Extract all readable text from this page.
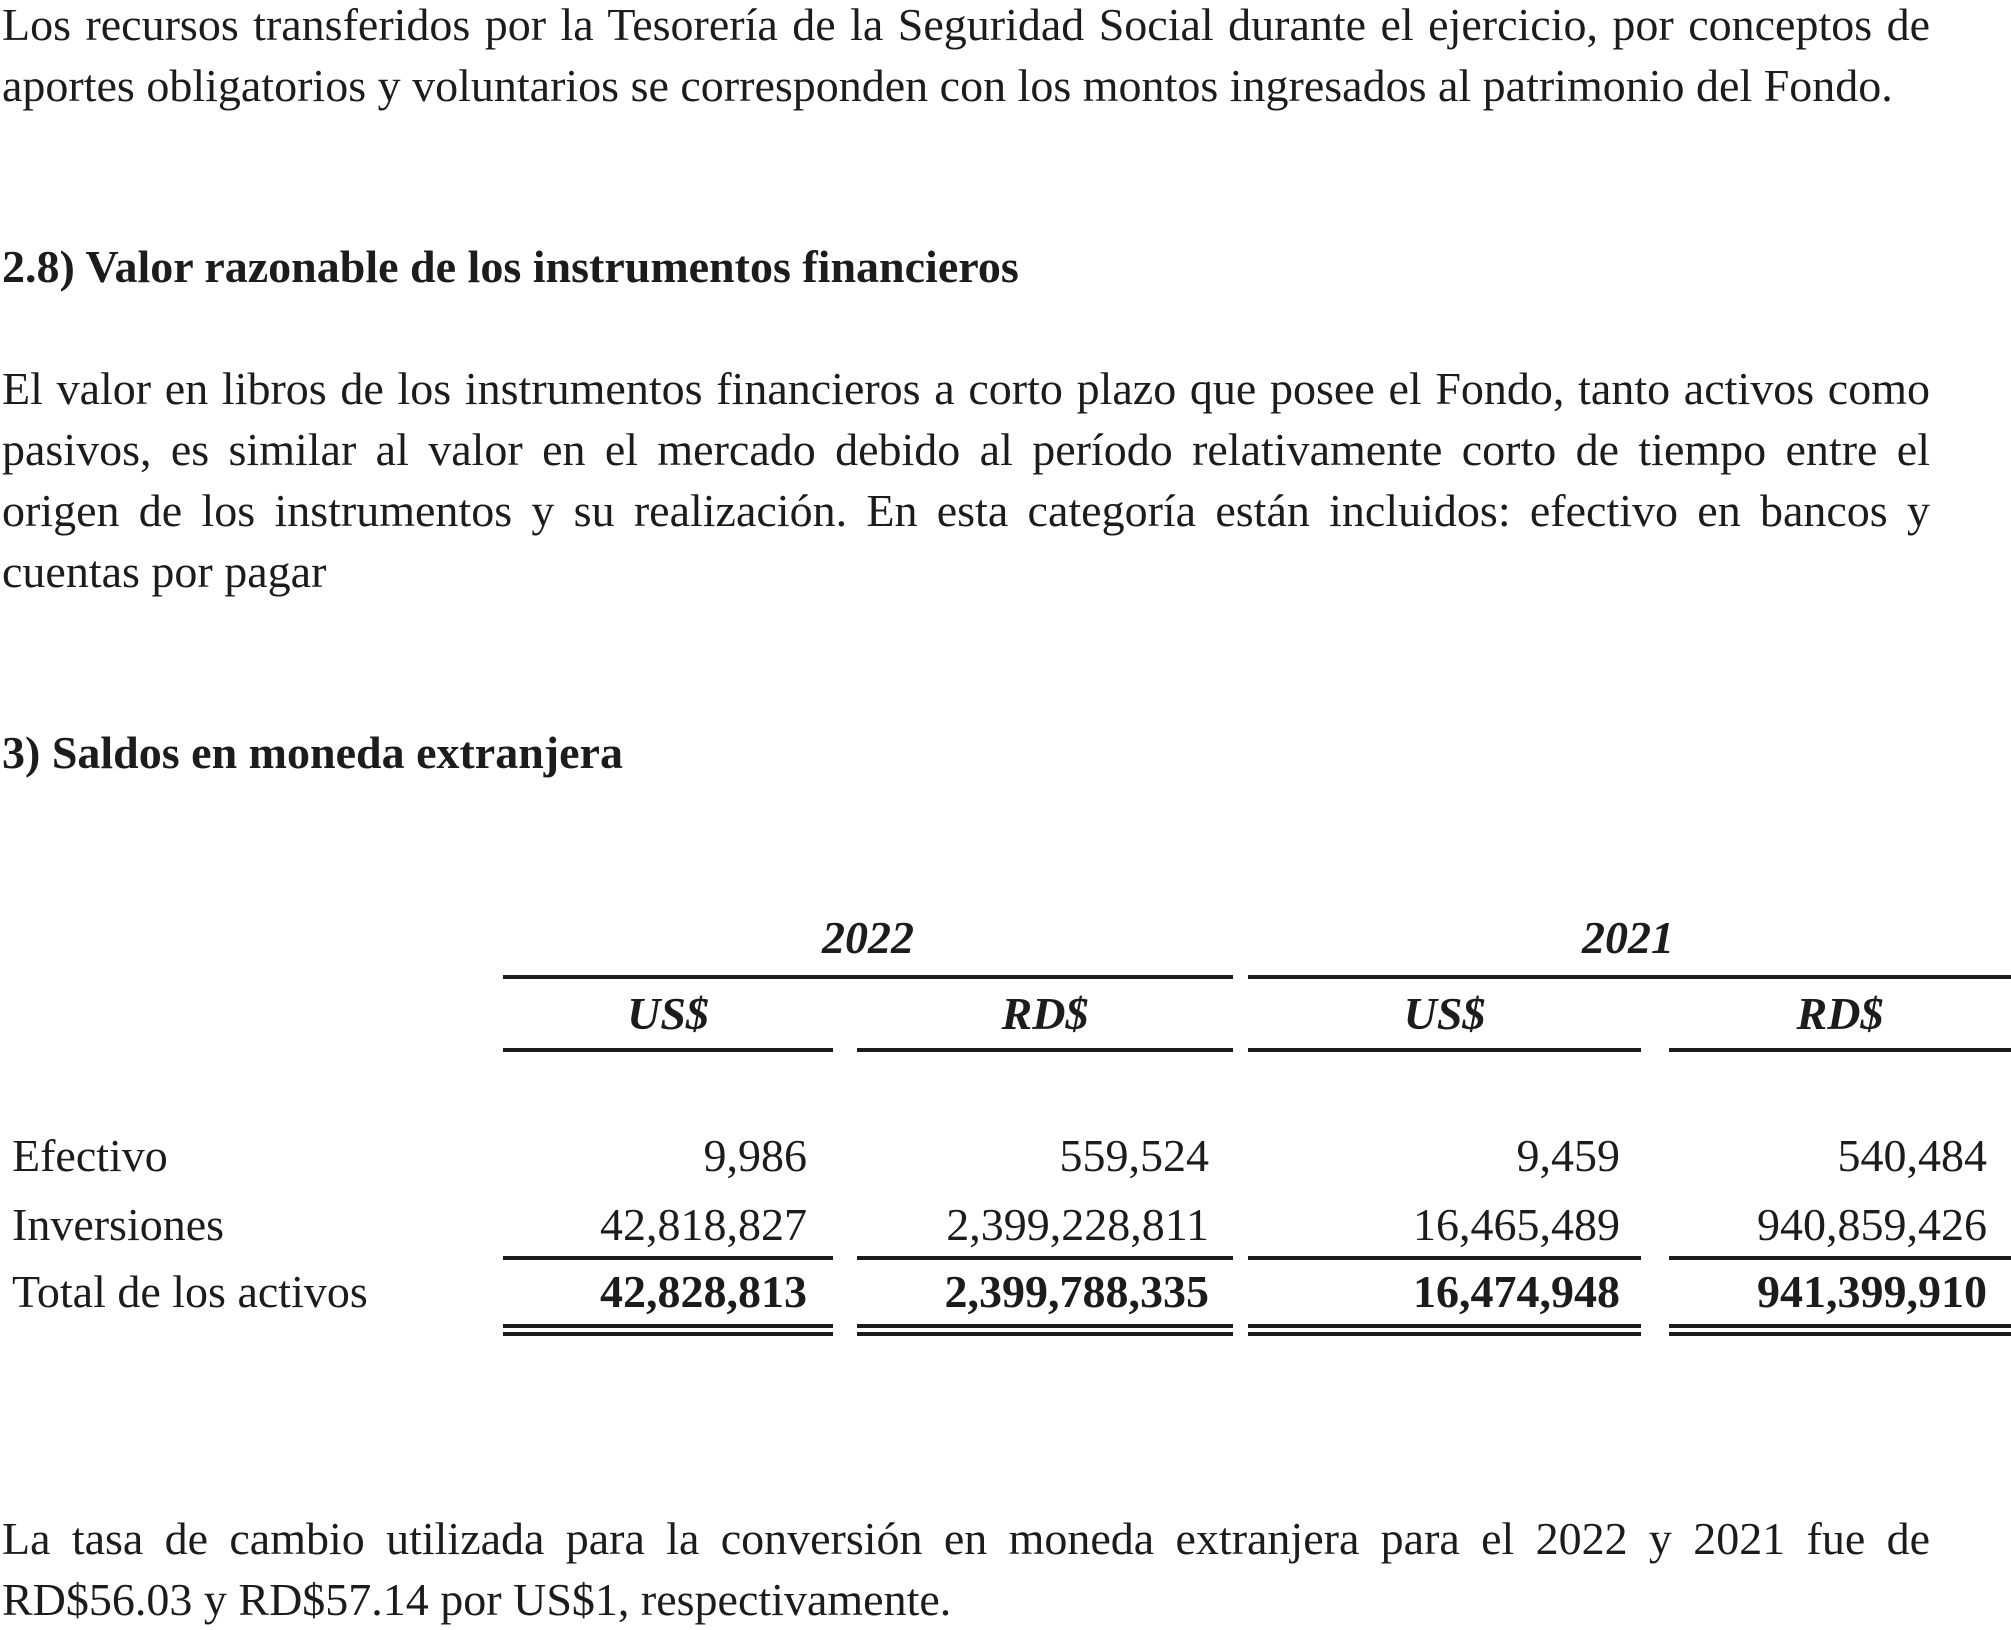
Los recursos transferidos por la Tesorería de la Seguridad Social durante el ejercicio, por conceptos de aportes obligatorios y voluntarios se corresponden con los montos ingresados al patrimonio del Fondo.

2.8) Valor razonable de los instrumentos financieros

El valor en libros de los instrumentos financieros a corto plazo que posee el Fondo, tanto activos como pasivos, es similar al valor en el mercado debido al período relativamente corto de tiempo entre el origen de los instrumentos y su realización. En esta categoría están incluidos: efectivo en bancos y cuentas por pagar

3) Saldos en moneda extranjera
2022	2021
US$	RD$	US$	RD$
Efectivo	9,986	559,524	9,459	540,484
Inversiones	42,818,827	2,399,228,811	16,465,489	940,859,426
Total de los activos	42,828,813	2,399,788,335	16,474,948	941,399,910

La tasa de cambio utilizada para la conversión en moneda extranjera para el 2022 y 2021 fue de RD$56.03 y RD$57.14 por US$1, respectivamente.
